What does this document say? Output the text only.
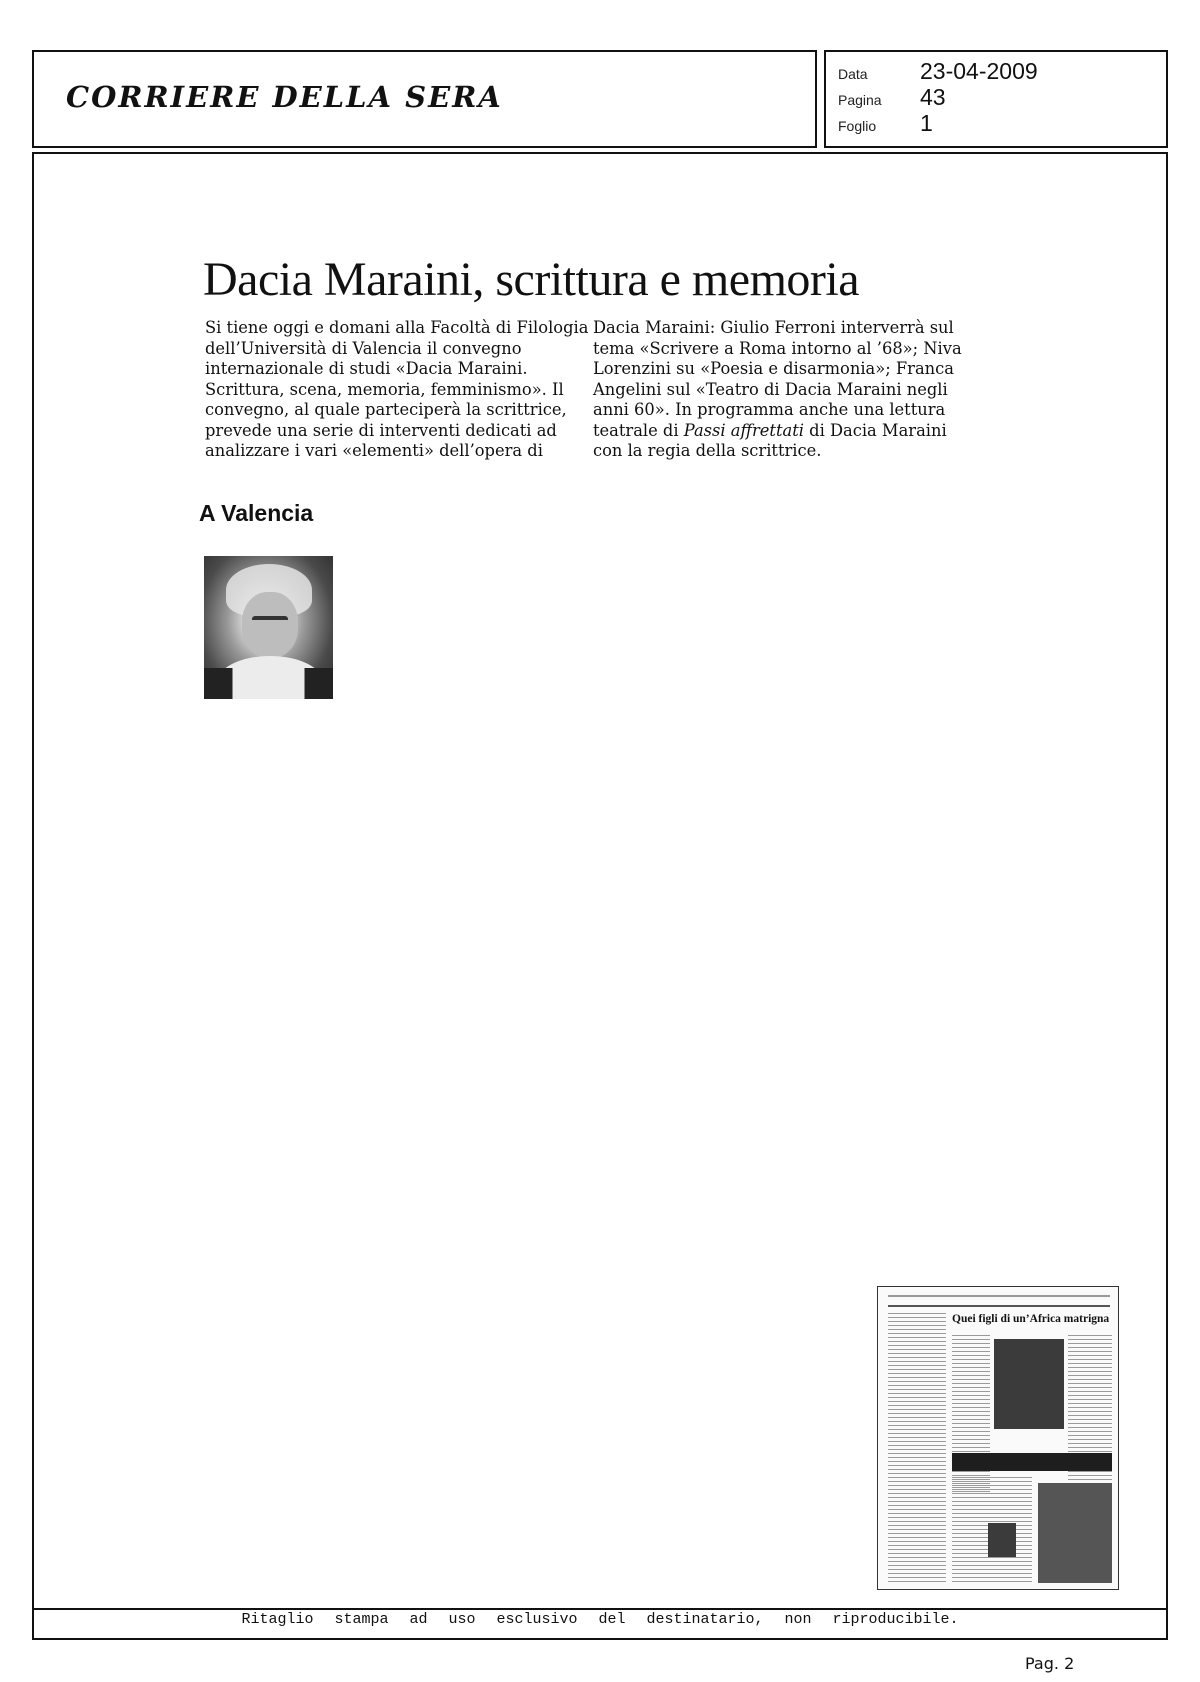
CORRIERE DELLA SERA
Data 23-04-2009
Pagina 43
Foglio 1
Dacia Maraini, scrittura e memoria

Si tiene oggi e domani alla Facoltà di Filologia

dell’Università di Valencia il convegno

internazionale di studi «Dacia Maraini.

Scrittura, scena, memoria, femminismo». Il

convegno, al quale parteciperà la scrittrice,

prevede una serie di interventi dedicati ad

analizzare i vari «elementi» dell’opera di

Dacia Maraini: Giulio Ferroni interverrà sul

tema «Scrivere a Roma intorno al ’68»; Niva

Lorenzini su «Poesia e disarmonia»; Franca

Angelini sul «Teatro di Dacia Maraini negli

anni 60». In programma anche una lettura

teatrale di Passi affrettati di Dacia Maraini

con la regia della scrittrice.

A Valencia
Quei figli di un’Africa matrigna
Ritaglio stampa ad uso esclusivo del destinatario, non riproducibile.
Pag. 2
